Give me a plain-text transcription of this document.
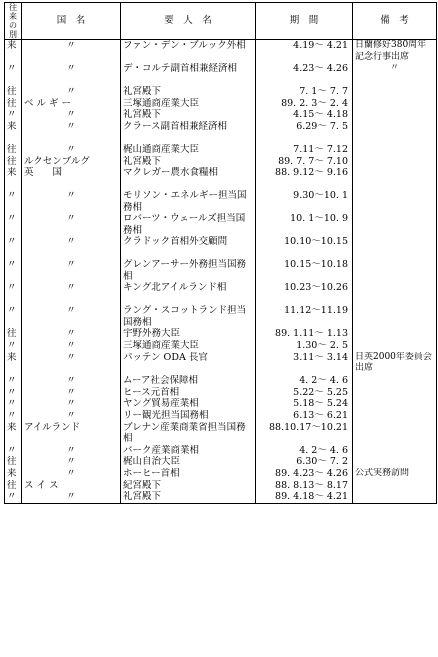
往来の別	国　名	要　人　名	期　間	備　考
来	〃	ファン・デン・ブルック外相	4.19～ 4.21	日蘭修好380周年記念行事出席
〃	〃	デ・コルテ副首相兼経済相	4.23～ 4.26	〃
往	〃	礼宮殿下	7. 1～ 7. 7	
往	ベ ル ギ ー	三塚通商産業大臣	89. 2. 3～ 2. 4	
〃	〃	礼宮殿下	4.15～ 4.18	
来	〃	クラース副首相兼経済相	6.29～ 7. 5	
往	〃	梶山通商産業大臣	7.11～ 7.12	
往	ルクセンブルグ	礼宮殿下	89. 7. 7～ 7.10	
来	英　　国	マクレガー農水食糧相	88. 9.12～ 9.16	
〃	〃	モリソン・エネルギー担当国務相	9.30～10. 1	
〃	〃	ロバーツ・ウェールズ担当国務相	10. 1～10. 9	
〃	〃	クラドック首相外交顧問	10.10～10.15	
〃	〃	グレンアーサー外務担当国務相	10.15～10.18	
〃	〃	キング北アイルランド相	10.23～10.26	
〃	〃	ラング・スコットランド担当国務相	11.12～11.19	
往	〃	宇野外務大臣	89. 1.11～ 1.13	
〃	〃	三塚通商産業大臣	1.30～ 2. 5	
来	〃	パッテン ODA 長官	3.11～ 3.14	日英2000年委員会出席
〃	〃	ムーア社会保障相	4. 2～ 4. 6	
〃	〃	ヒース元首相	5.22～ 5.25	
〃	〃	ヤング貿易産業相	5.18～ 5.24	
〃	〃	リー観光担当国務相	6.13～ 6.21	
来	アイルランド	ブレナン産業商業省担当国務相	88.10.17～10.21	
〃	〃	バーク産業商業相	4. 2～ 4. 6	
往	〃	梶山自治大臣	6.30～ 7. 2	
来	〃	ホーヒー首相	89. 4.23～ 4.26	公式実務訪問
往	ス イ ス	紀宮殿下	88. 8.13～ 8.17	
〃	〃	礼宮殿下	89. 4.18～ 4.21	
